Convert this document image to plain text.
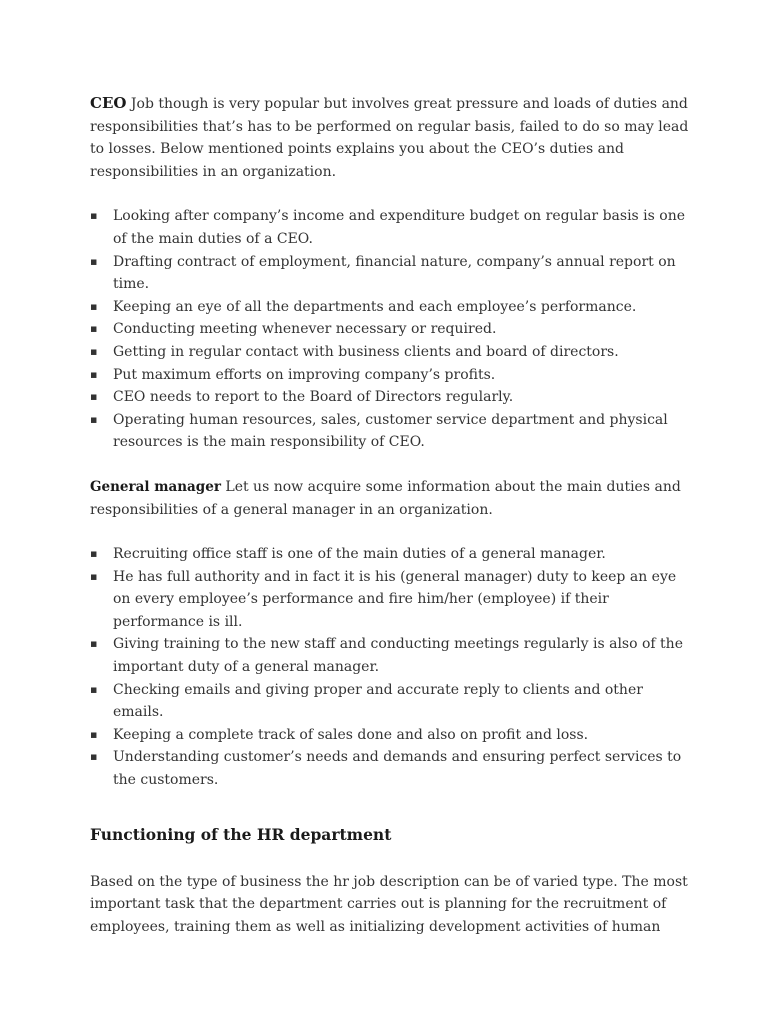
CEO Job though is very popular but involves great pressure and loads of duties and responsibilities that’s has to be performed on regular basis, failed to do so may lead to losses. Below mentioned points explains you about the CEO’s duties and responsibilities in an organization.

▪ Looking after company’s income and expenditure budget on regular basis is one of the main duties of a CEO.
▪ Drafting contract of employment, financial nature, company’s annual report on time.
▪ Keeping an eye of all the departments and each employee’s performance.
▪ Conducting meeting whenever necessary or required.
▪ Getting in regular contact with business clients and board of directors.
▪ Put maximum efforts on improving company’s profits.
▪ CEO needs to report to the Board of Directors regularly.
▪ Operating human resources, sales, customer service department and physical resources is the main responsibility of CEO.

General manager Let us now acquire some information about the main duties and responsibilities of a general manager in an organization.

▪ Recruiting office staff is one of the main duties of a general manager.
▪ He has full authority and in fact it is his (general manager) duty to keep an eye on every employee’s performance and fire him/her (employee) if their performance is ill.
▪ Giving training to the new staff and conducting meetings regularly is also of the important duty of a general manager.
▪ Checking emails and giving proper and accurate reply to clients and other emails.
▪ Keeping a complete track of sales done and also on profit and loss.
▪ Understanding customer’s needs and demands and ensuring perfect services to the customers.
Functioning of the HR department

Based on the type of business the hr job description can be of varied type. The most important task that the department carries out is planning for the recruitment of employees, training them as well as initializing development activities of human
